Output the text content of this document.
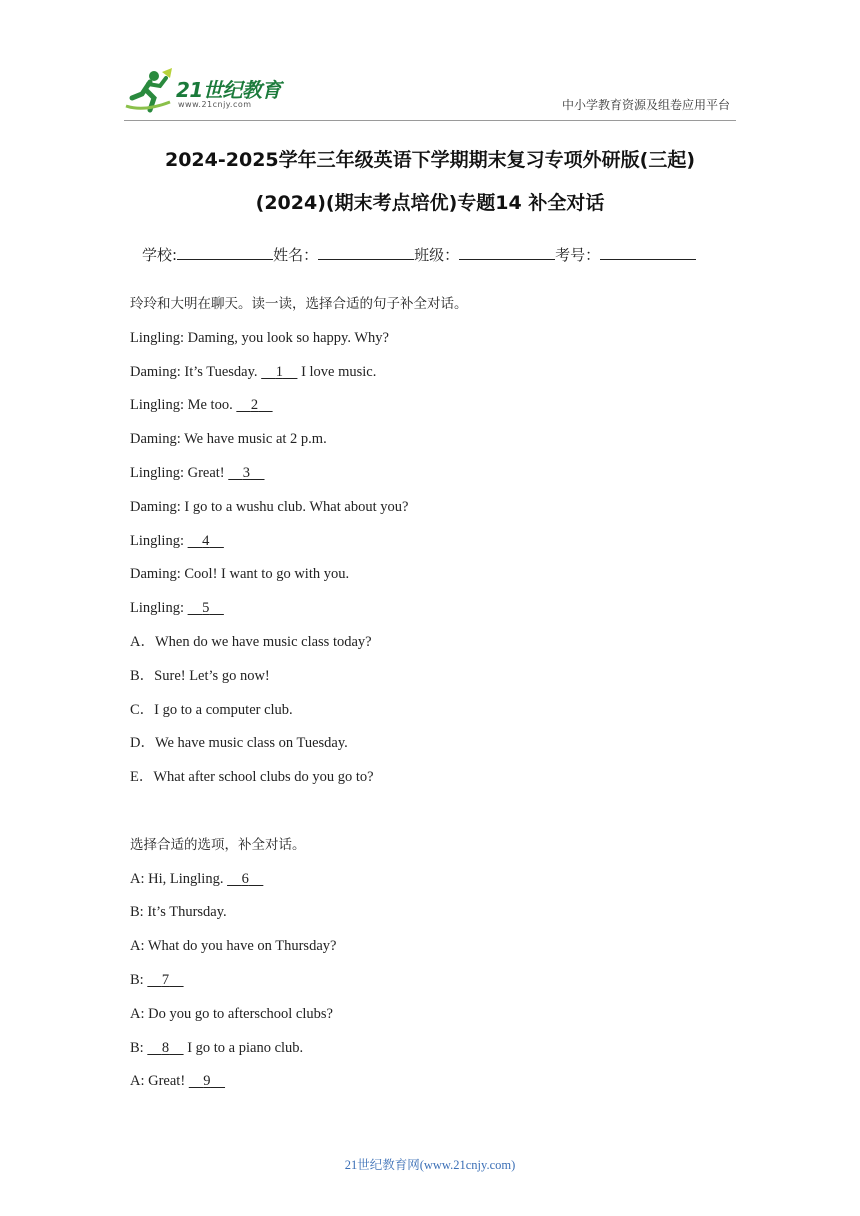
21世纪教育
www.21cnjy.com	中小学教育资源及组卷应用平台
2024-2025学年三年级英语下学期期末复习专项外研版(三起)
(2024)(期末考点培优)专题14 补全对话
学校:	姓名：	班级：	考号：
玲玲和大明在聊天。读一读，选择合适的句子补全对话。
Lingling: Daming, you look so happy. Why?
Daming: It’s Tuesday. 1 I love music.
Lingling: Me too. 2
Daming: We have music at 2 p.m.
Lingling: Great! 3
Daming: I go to a wushu club. What about you?
Lingling: 4
Daming: Cool! I want to go with you.
Lingling: 5
A．When do we have music class today?
B．Sure! Let’s go now!
C．I go to a computer club.
D．We have music class on Tuesday.
E．What after school clubs do you go to?
选择合适的选项，补全对话。
A: Hi, Lingling. 6
B: It’s Thursday.
A: What do you have on Thursday?
B: 7
A: Do you go to afterschool clubs?
B: 8 I go to a piano club.
A: Great! 9
21世纪教育网(www.21cnjy.com)
